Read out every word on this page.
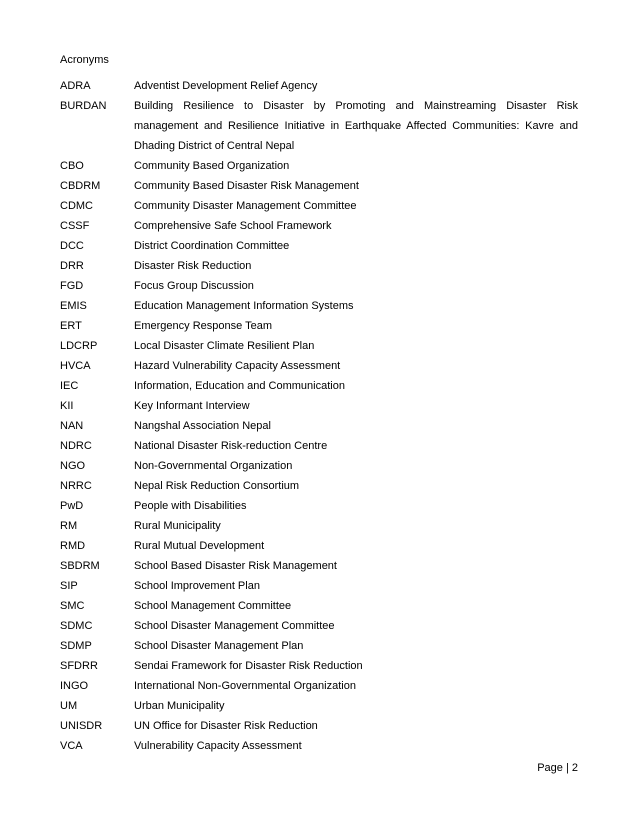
Acronyms
ADRA	Adventist Development Relief Agency
BURDAN	Building Resilience to Disaster by Promoting and Mainstreaming Disaster Risk management and Resilience Initiative in Earthquake Affected Communities: Kavre and Dhading District of Central Nepal
CBO	Community Based Organization
CBDRM	Community Based Disaster Risk Management
CDMC	Community Disaster Management Committee
CSSF	Comprehensive Safe School Framework
DCC	District Coordination Committee
DRR	Disaster Risk Reduction
FGD	Focus Group Discussion
EMIS	Education Management Information Systems
ERT	Emergency Response Team
LDCRP	Local Disaster Climate Resilient Plan
HVCA	Hazard Vulnerability Capacity Assessment
IEC	Information, Education and Communication
KII	Key Informant Interview
NAN	Nangshal Association Nepal
NDRC	National Disaster Risk-reduction Centre
NGO	Non-Governmental Organization
NRRC	Nepal Risk Reduction Consortium
PwD	People with Disabilities
RM	Rural Municipality
RMD	Rural Mutual Development
SBDRM	School Based Disaster Risk Management
SIP	School Improvement Plan
SMC	School Management Committee
SDMC	School Disaster Management Committee
SDMP	School Disaster Management Plan
SFDRR	Sendai Framework for Disaster Risk Reduction
INGO	International Non-Governmental Organization
UM	Urban Municipality
UNISDR	UN Office for Disaster Risk Reduction
VCA	Vulnerability Capacity Assessment
Page | 2
